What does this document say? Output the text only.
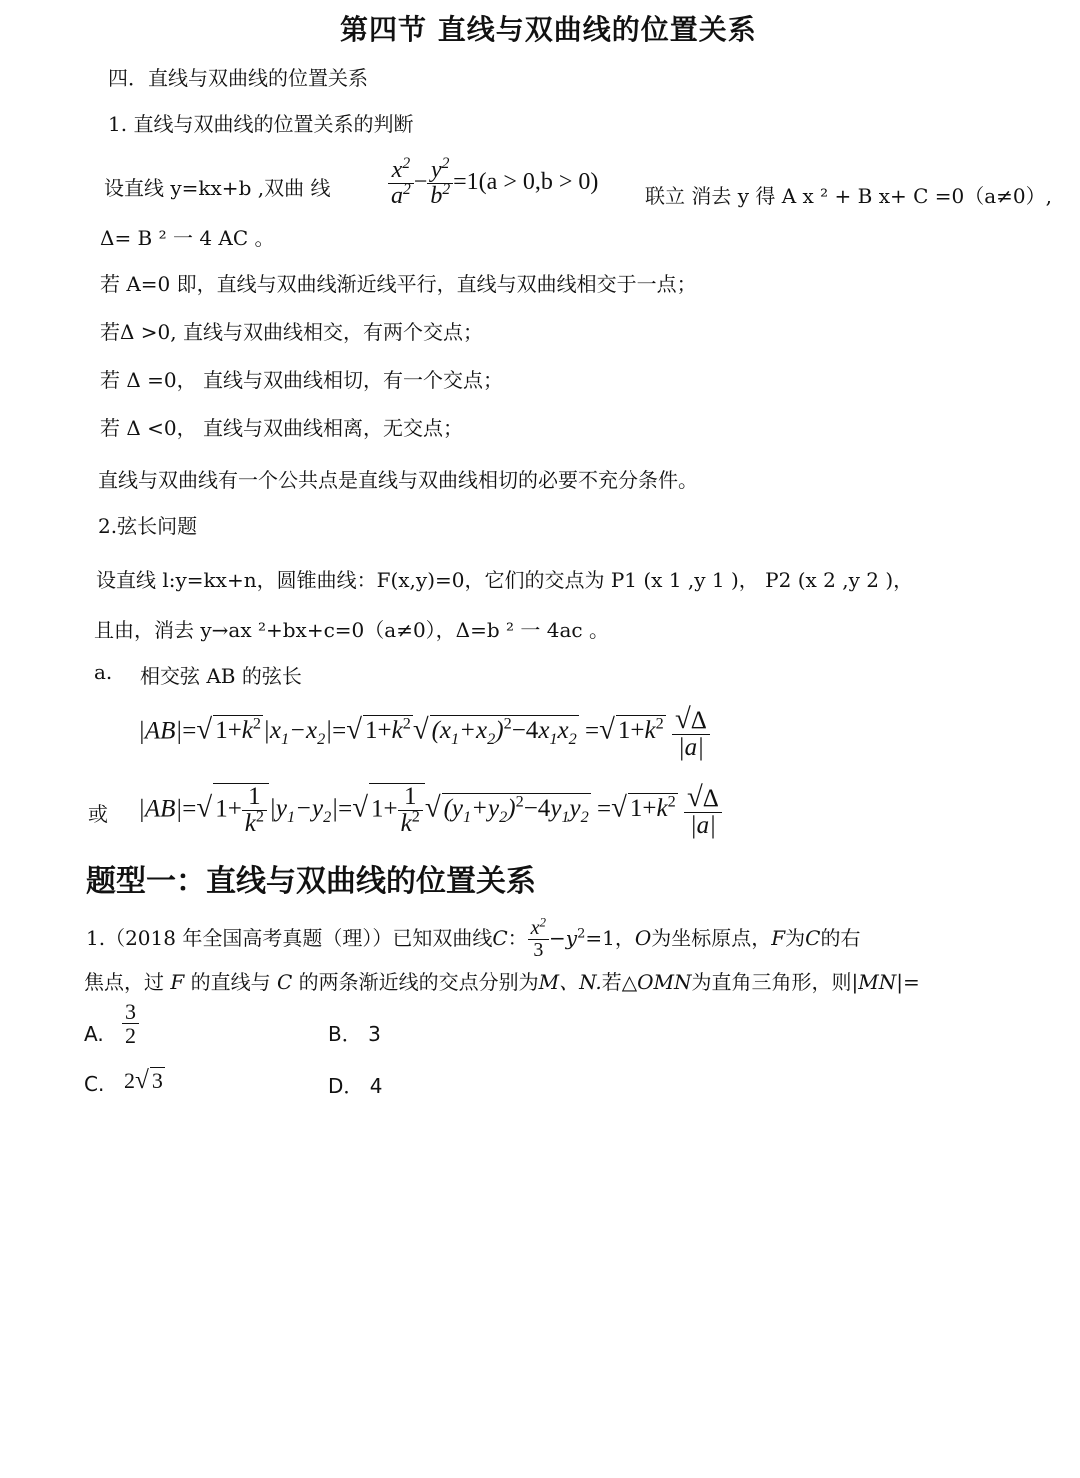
第四节 直线与双曲线的位置关系
四．直线与双曲线的位置关系
1. 直线与双曲线的位置关系的判断
设直线 y=kx+b ,双曲 线 $\frac{x^2}{a^2} - \frac{y^2}{b^2} =1(a > 0,b > 0)$
联立 消去 y 得 A x ² + B x+ C =0（a≠0）,
Δ= B ² 一 4 AC 。
若 A=0 即，直线与双曲线渐近线平行，直线与双曲线相交于一点；
若Δ >0, 直线与双曲线相交，有两个交点；
若 Δ =0， 直线与双曲线相切，有一个交点；
若 Δ <0， 直线与双曲线相离，无交点；
直线与双曲线有一个公共点是直线与双曲线相切的必要不充分条件。
2.弦长问题
设直线 l:y=kx+n，圆锥曲线：F(x,y)=0，它们的交点为 P1 (x 1 ,y 1 )， P2 (x 2 ,y 2 )，
且由，消去 y→ax ²+bx+c=0（a≠0），Δ=b ² 一 4ac 。
a. 相交弦 AB 的弦长
|AB|=√ $1+k^2|x_1-x_2|=√$ $1+k^2√$ $(x_1+x_2)^2-4x_1x_2$ =√ $1+k^2 \frac{√\Delta}{|a|}$
或 |AB|=√ $1+ \frac{1}{k^2} |y_1-y_2|=√$ $1+ \frac{1}{k^2}$ √ $(y_1+y_2)^2-4y_1y_2$ =√ $1+k^2 \frac{√\Delta}{|a|}$
题型一：直线与双曲线的位置关系
1.（2018 年全国高考真题（理））已知双曲线C： $\frac{x^2}{3} -y^2=1$，O为坐标原点，F为C的右
焦点，过 F 的直线与 C 的两条渐近线的交点分别为M、N.若△OMN为直角三角形，则|MN|=
A. $\frac{3}{2}$	B． 3
C. 2√ 3	D． 4
